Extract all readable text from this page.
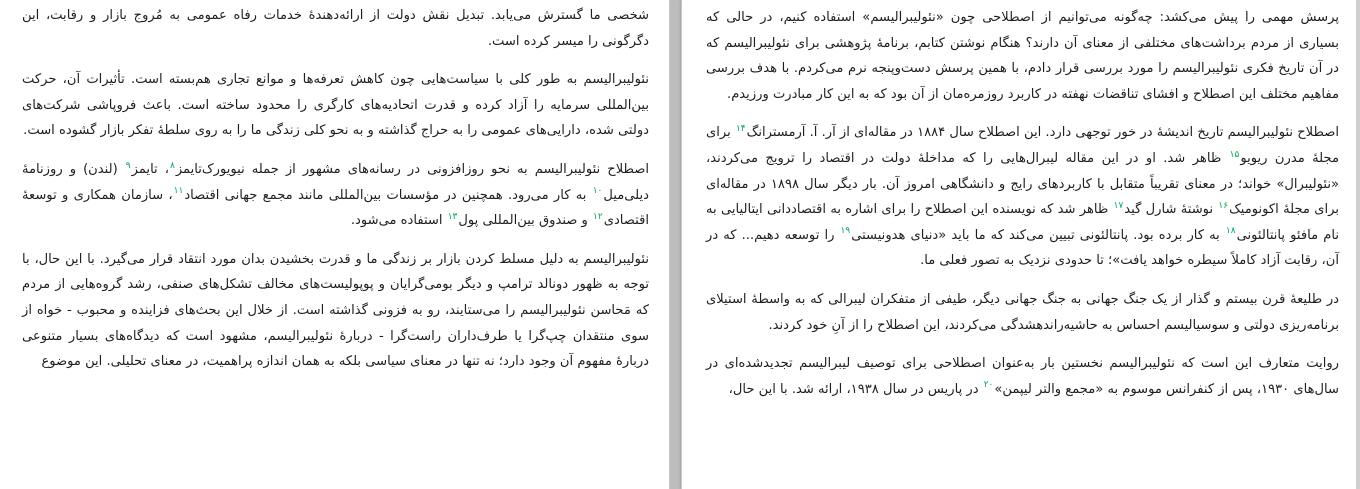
شخصی ما گسترش می‌یابد. تبدیل نقش دولت از ارائه‌دهندهٔ خدمات رفاه عمومی به مُروج بازار و رقابت، این دگرگونی را میسر کرده است.

نئولیبرالیسم به طور کلی با سیاست‌هایی چون کاهش تعرفه‌ها و موانع تجاری هم‌بسته است. تأثیرات آن، حرکت بین‌المللی سرمایه را آزاد کرده و قدرت اتحادیه‌های کارگری را محدود ساخته است. باعث فروپاشی شرکت‌های دولتی شده، دارایی‌های عمومی را به حراج گذاشته و به نحو کلی زندگی ما را به روی سلطهٔ تفکر بازار گشوده است.

اصطلاح نئولیبرالیسم به نحو روزافزونی در رسانه‌های مشهور از جمله نیویورک‌تایمز$^۸$، تایمز$^۹$ (لندن) و روزنامهٔ دیلی‌میل$^{۱۰}$ به کار می‌رود. همچنین در مؤسسات بین‌المللی مانند مجمع جهانی اقتصاد$^{۱۱}$، سازمان همکاری و توسعهٔ اقتصادی$^{۱۲}$ و صندوق بین‌المللی پول$^{۱۳}$ استفاده می‌شود.

نئولیبرالیسم به دلیل مسلط کردن بازار بر زندگی ما و قدرت بخشیدن بدان مورد انتقاد قرار می‌گیرد. با این حال، با توجه به ظهور دونالد ترامپ و دیگر بومی‌گرایان و پوپولیست‌های مخالف تشکل‌های صنفی، رشد گروه‌هایی از مردم که مَحاسن نئولیبرالیسم را می‌ستایند، رو به فزونی گذاشته است. از خلال این بحث‌های فزاینده و محبوب - خواه از سوی منتقدان چپ‌گرا یا طرف‌داران راست‌گرا - دربارهٔ نئولیبرالیسم، مشهود است که دیدگاه‌های بسیار متنوعی دربارهٔ مفهوم آن وجود دارد؛ نه تنها در معنای سیاسی بلکه به همان اندازه پراهمیت، در معنای تحلیلی. این موضوع

پرسش مهمی را پیش می‌کشد: چه‌گونه می‌توانیم از اصطلاحی چون «نئولیبرالیسم» استفاده کنیم، در حالی که بسیاری از مردم برداشت‌های مختلفی از معنای آن دارند؟ هنگام نوشتن کتابم، برنامهٔ پژوهشی برای نئولیبرالیسم که در آن تاریخ فکری نئولیبرالیسم را مورد بررسی قرار دادم، با همین پرسش دست‌وپنجه نرم می‌کردم. با هدف بررسی مفاهیم مختلف این اصطلاح و افشای تناقضات نهفته در کاربرد روزمره‌مان از آن بود که به این کار مبادرت ورزیدم.

اصطلاح نئولیبرالیسم تاریخ اندیشهٔ در خور توجهی دارد. این اصطلاح سال ۱۸۸۴ در مقاله‌ای از آر. آ. آرمسترانگ$^{۱۴}$ برای مجلهٔ مدرن ریویو$^{۱۵}$ ظاهر شد. او در این مقاله لیبرال‌هایی را که مداخلهٔ دولت در اقتصاد را ترویج می‌کردند، «نئولیبرال» خواند؛ در معنای تقریباً متقابل با کاربردهای رایج و دانشگاهی امروز آن. بار دیگر سال ۱۸۹۸ در مقاله‌ای برای مجلهٔ اکونومیک$^{۱۶}$ نوشتهٔ شارل گید$^{۱۷}$ ظاهر شد که نویسنده این اصطلاح را برای اشاره به اقتصاددانی ایتالیایی به نام مافئو پانتالئونی$^{۱۸}$ به کار برده بود. پانتالئونی تبیین می‌کند که ما باید «دنیای هدونیستی$^{۱۹}$ را توسعه دهیم... که در آن، رقابت آزاد کاملاً سیطره خواهد یافت»؛ تا حدودی نزدیک به تصور فعلی ما.

در طلیعهٔ قرن بیستم و گذار از یک جنگ جهانی به جنگ جهانی دیگر، طیفی از متفکران لیبرالی که به واسطهٔ استیلای برنامه‌ریزی دولتی و سوسیالیسم احساس به حاشیه‌راندهشدگی می‌کردند، این اصطلاح را از آنِ خود کردند.

روایت متعارف این است که نئولیبرالیسم نخستین بار به‌عنوان اصطلاحی برای توصیف لیبرالیسم تجدیدشده‌ای در سال‌های ۱۹۳۰، پس از کنفرانس موسوم به «مجمع والتر لیپمن»$^{۲۰}$ در پاریس در سال ۱۹۳۸، ارائه شد. با این حال،
